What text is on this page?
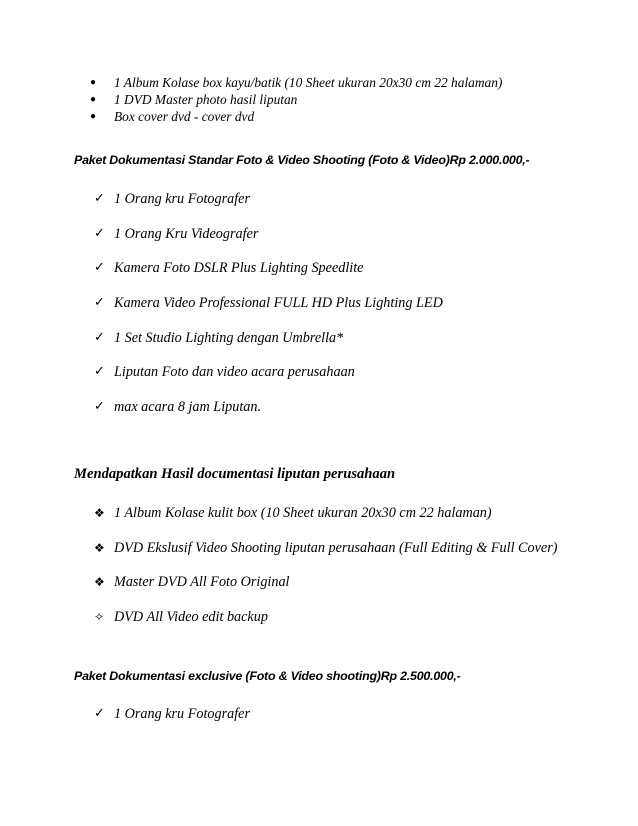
● 1 Album Kolase box kayu/batik (10 Sheet ukuran 20x30 cm 22 halaman)
● 1 DVD Master photo hasil liputan
● Box cover dvd - cover dvd
Paket Dokumentasi Standar Foto & Video Shooting (Foto & Video)Rp 2.000.000,-
✓ 1 Orang kru Fotografer
✓ 1 Orang Kru Videografer
✓ Kamera Foto DSLR Plus Lighting Speedlite
✓ Kamera Video Professional FULL HD Plus Lighting LED
✓ 1 Set Studio Lighting dengan Umbrella*
✓ Liputan Foto dan video acara perusahaan
✓ max acara 8 jam Liputan.
Mendapatkan Hasil documentasi liputan perusahaan
❖ 1 Album Kolase kulit box (10 Sheet ukuran 20x30 cm 22 halaman)
❖ DVD Ekslusif Video Shooting liputan perusahaan (Full Editing & Full Cover)
❖ Master DVD All Foto Original
✧ DVD All Video edit backup
Paket Dokumentasi exclusive (Foto & Video shooting)Rp 2.500.000,-
✓ 1 Orang kru Fotografer
